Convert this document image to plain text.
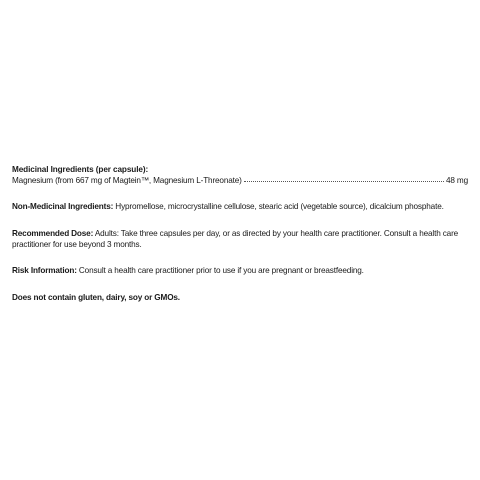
Medicinal Ingredients (per capsule):

Magnesium (from 667 mg of Magtein™, Magnesium L-Threonate)	48 mg

Non-Medicinal Ingredients: Hypromellose, microcrystalline cellulose, stearic acid (vegetable source), dicalcium phosphate.

Recommended Dose: Adults: Take three capsules per day, or as directed by your health care practitioner. Consult a health care practitioner for use beyond 3 months.

Risk Information: Consult a health care practitioner prior to use if you are pregnant or breastfeeding.

Does not contain gluten, dairy, soy or GMOs.
